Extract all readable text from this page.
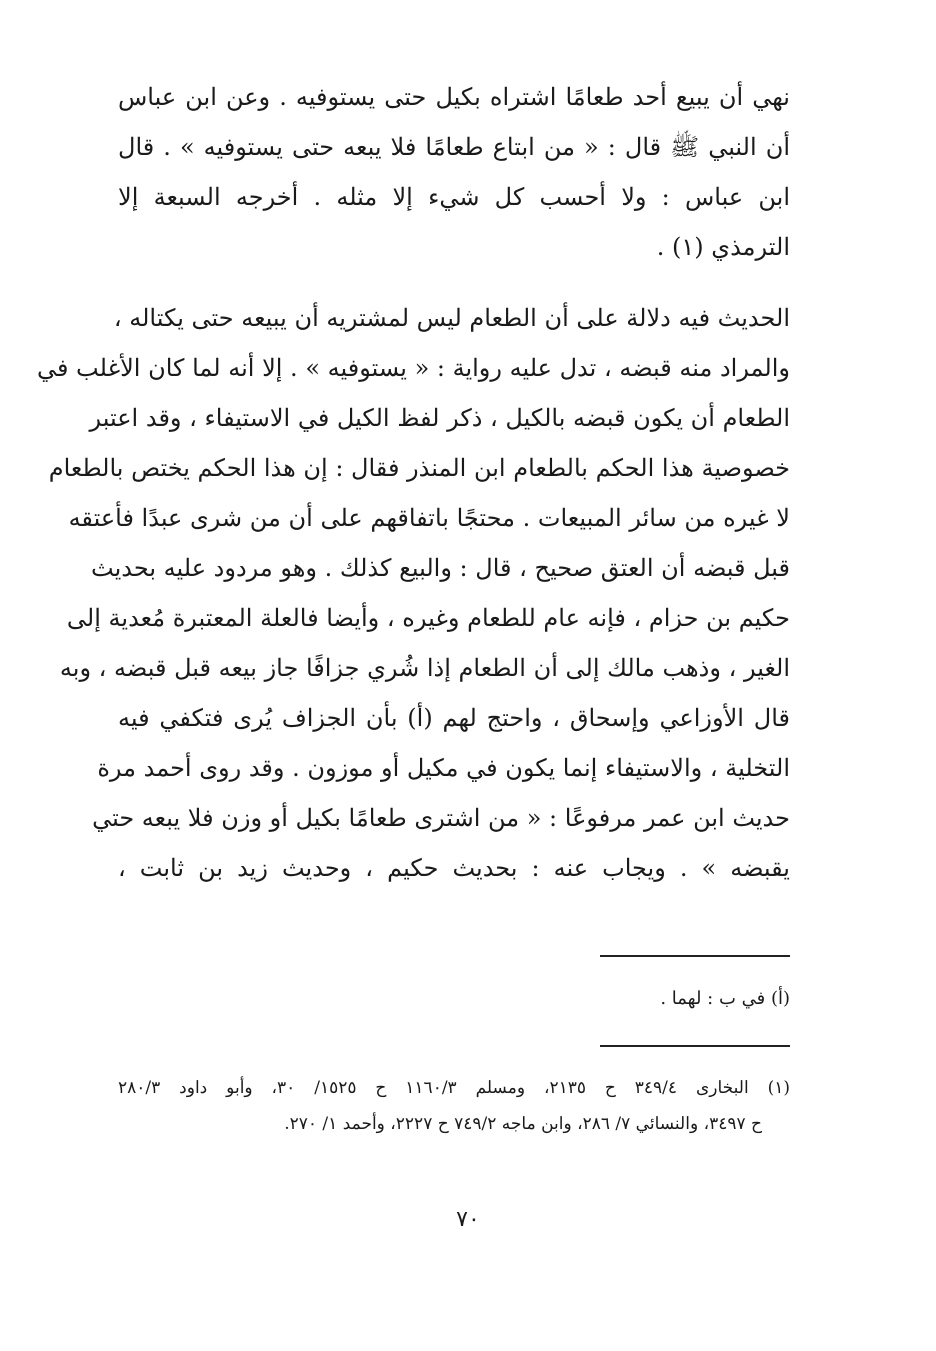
نهي أن يبيع أحد طعامًا اشتراه بكيل حتى يستوفيه . وعن ابن عباس
أن النبي ﷺ قال : « من ابتاع طعامًا فلا يبعه حتى يستوفيه » . قال
ابن عباس : ولا أحسب كل شيء إلا مثله . أخرجه السبعة إلا
الترمذي (١) .
الحديث فيه دلالة على أن الطعام ليس لمشتريه أن يبيعه حتى يكتاله ،
والمراد منه قبضه ، تدل عليه رواية : « يستوفيه » . إلا أنه لما كان الأغلب في
الطعام أن يكون قبضه بالكيل ، ذكر لفظ الكيل في الاستيفاء ، وقد اعتبر
خصوصية هذا الحكم بالطعام ابن المنذر فقال : إن هذا الحكم يختص بالطعام
لا غيره من سائر المبيعات . محتجًا باتفاقهم على أن من شرى عبدًا فأعتقه
قبل قبضه أن العتق صحيح ، قال : والبيع كذلك . وهو مردود عليه بحديث
حكيم بن حزام ، فإنه عام للطعام وغيره ، وأيضا فالعلة المعتبرة مُعدية إلى
الغير ، وذهب مالك إلى أن الطعام إذا شُري جزافًا جاز بيعه قبل قبضه ، وبه
قال الأوزاعي وإسحاق ، واحتج لهم (أ) بأن الجزاف يُرى فتكفي فيه
التخلية ، والاستيفاء إنما يكون في مكيل أو موزون . وقد روى أحمد مرة
حديث ابن عمر مرفوعًا : « من اشترى طعامًا بكيل أو وزن فلا يبعه حتي
يقبضه » . ويجاب عنه : بحديث حكيم ، وحديث زيد بن ثابت ،
(أ) في ب : لهما .
(١) البخارى ٣٤٩/٤ ح ٢١٣٥، ومسلم ١١٦٠/٣ ح ١٥٢٥/ ٣٠، وأبو داود ٢٨٠/٣
ح ٣٤٩٧، والنسائي ٧/ ٢٨٦، وابن ماجه ٧٤٩/٢ ح ٢٢٢٧، وأحمد ١/ ٢٧٠.
٧٠
